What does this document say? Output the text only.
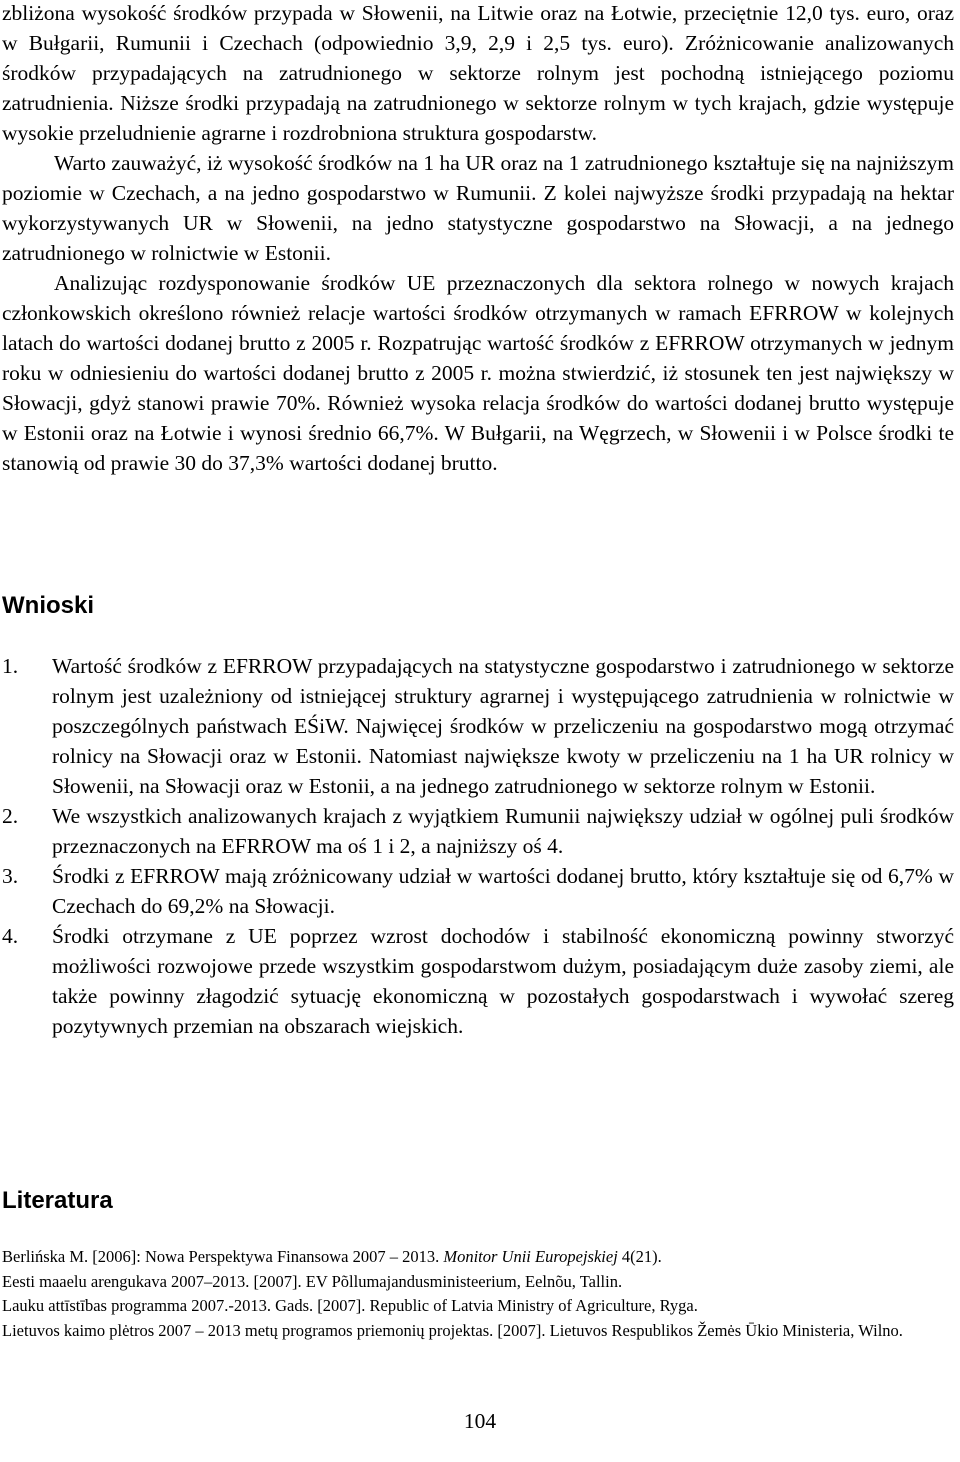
zbliżona wysokość środków przypada w Słowenii, na Litwie oraz na Łotwie, przeciętnie 12,0 tys. euro, oraz w Bułgarii, Rumunii i Czechach (odpowiednio 3,9, 2,9 i 2,5 tys. euro). Zróżnicowanie analizowanych środków przypadających na zatrudnionego w sektorze rolnym jest pochodną istniejącego poziomu zatrudnienia. Niższe środki przypadają na zatrudnionego w sektorze rolnym w tych krajach, gdzie występuje wysokie przeludnienie agrarne i rozdrobniona struktura gospodarstw.

Warto zauważyć, iż wysokość środków na 1 ha UR oraz na 1 zatrudnionego kształtuje się na najniższym poziomie w Czechach, a na jedno gospodarstwo w Rumunii. Z kolei najwyższe środki przypadają na hektar wykorzystywanych UR w Słowenii, na jedno statystyczne gospodarstwo na Słowacji, a na jednego zatrudnionego w rolnictwie w Estonii.

Analizując rozdysponowanie środków UE przeznaczonych dla sektora rolnego w nowych krajach członkowskich określono również relacje wartości środków otrzymanych w ramach EFRROW w kolejnych latach do wartości dodanej brutto z 2005 r. Rozpatrując wartość środków z EFRROW otrzymanych w jednym roku w odniesieniu do wartości dodanej brutto z 2005 r. można stwierdzić, iż stosunek ten jest największy w Słowacji, gdyż stanowi prawie 70%. Również wysoka relacja środków do wartości dodanej brutto występuje w Estonii oraz na Łotwie i wynosi średnio 66,7%. W Bułgarii, na Węgrzech, w Słowenii i w Polsce środki te stanowią od prawie 30 do 37,3% wartości dodanej brutto.

Wnioski
1. Wartość środków z EFRROW przypadających na statystyczne gospodarstwo i zatrudnionego w sektorze rolnym jest uzależniony od istniejącej struktury agrarnej i występującego zatrudnienia w rolnictwie w poszczególnych państwach EŚiW. Najwięcej środków w przeliczeniu na gospodarstwo mogą otrzymać rolnicy na Słowacji oraz w Estonii. Natomiast największe kwoty w przeliczeniu na 1 ha UR rolnicy w Słowenii, na Słowacji oraz w Estonii, a na jednego zatrudnionego w sektorze rolnym w Estonii.
2. We wszystkich analizowanych krajach z wyjątkiem Rumunii największy udział w ogólnej puli środków przeznaczonych na EFRROW ma oś 1 i 2, a najniższy oś 4.
3. Środki z EFRROW mają zróżnicowany udział w wartości dodanej brutto, który kształtuje się od 6,7% w Czechach do 69,2% na Słowacji.
4. Środki otrzymane z UE poprzez wzrost dochodów i stabilność ekonomiczną powinny stworzyć możliwości rozwojowe przede wszystkim gospodarstwom dużym, posiadającym duże zasoby ziemi, ale także powinny złagodzić sytuację ekonomiczną w pozostałych gospodarstwach i wywołać szereg pozytywnych przemian na obszarach wiejskich.
Literatura
Berlińska M. [2006]: Nowa Perspektywa Finansowa 2007 – 2013. Monitor Unii Europejskiej 4(21).
Eesti maaelu arengukava 2007–2013. [2007]. EV Põllumajandusministeerium, Eelnõu, Tallin.
Lauku attīstības programma 2007.-2013. Gads. [2007]. Republic of Latvia Ministry of Agriculture, Ryga.
Lietuvos kaimo plėtros 2007 – 2013 metų programos priemonių projektas. [2007]. Lietuvos Respublikos Žemės Ūkio Ministeria, Wilno.
104
